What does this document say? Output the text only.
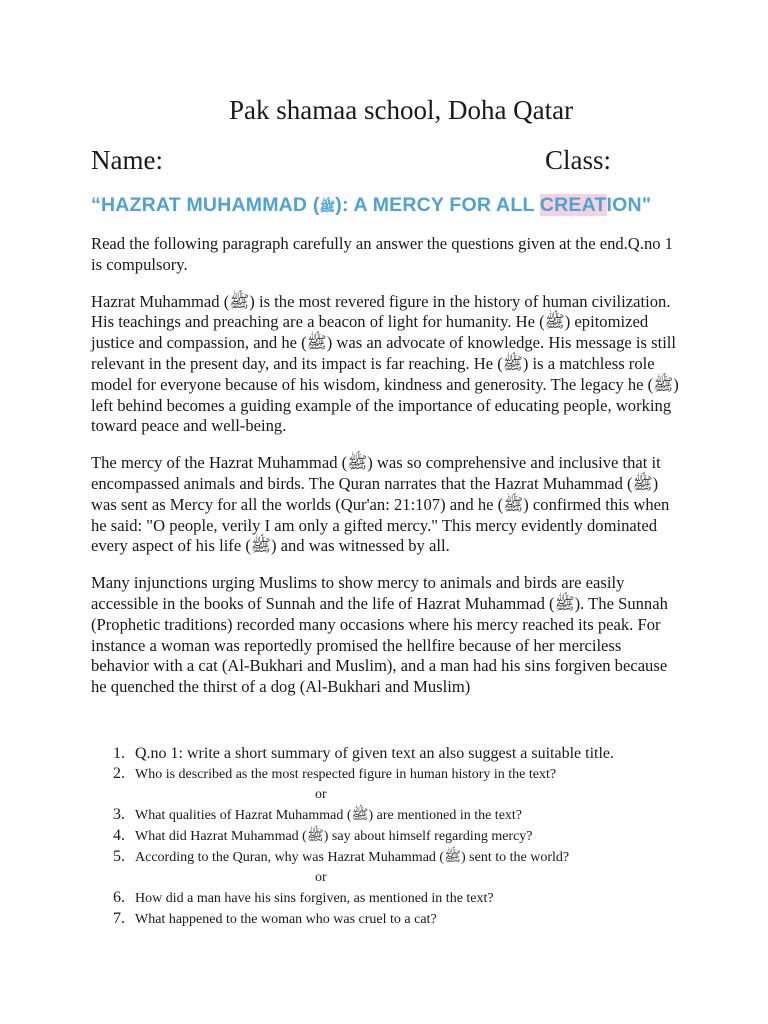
Pak shamaa school, Doha Qatar
Name:	Class:
“HAZRAT MUHAMMAD (ﷺ): A MERCY FOR ALL CREATION"

Read the following paragraph carefully an answer the questions given at the end.Q.no 1 is compulsory.

Hazrat Muhammad (ﷺ) is the most revered figure in the history of human civilization. His teachings and preaching are a beacon of light for humanity. He (ﷺ) epitomized justice and compassion, and he (ﷺ) was an advocate of knowledge. His message is still relevant in the present day, and its impact is far reaching. He (ﷺ) is a matchless role model for everyone because of his wisdom, kindness and generosity. The legacy he (ﷺ) left behind becomes a guiding example of the importance of educating people, working toward peace and well-being.

The mercy of the Hazrat Muhammad (ﷺ) was so comprehensive and inclusive that it encompassed animals and birds. The Quran narrates that the Hazrat Muhammad (ﷺ) was sent as Mercy for all the worlds (Qur'an: 21:107) and he (ﷺ) confirmed this when he said: "O people, verily I am only a gifted mercy." This mercy evidently dominated every aspect of his life (ﷺ) and was witnessed by all.

Many injunctions urging Muslims to show mercy to animals and birds are easily accessible in the books of Sunnah and the life of Hazrat Muhammad (ﷺ). The Sunnah (Prophetic traditions) recorded many occasions where his mercy reached its peak. For instance a woman was reportedly promised the hellfire because of her merciless behavior with a cat (Al-Bukhari and Muslim), and a man had his sins forgiven because he quenched the thirst of a dog (Al-Bukhari and Muslim)

1 . Q.no 1: write a short summary of given text an also suggest a suitable title.
2 .	Who is described as the most respected figure in human history in the text?
or
3 .	What qualities of Hazrat Muhammad (ﷺ) are mentioned in the text?
4 .	What did Hazrat Muhammad (ﷺ) say about himself regarding mercy?
5 .	According to the Quran, why was Hazrat Muhammad (ﷺ) sent to the world?
or
6 .	How did a man have his sins forgiven, as mentioned in the text?
7 .	What happened to the woman who was cruel to a cat?
